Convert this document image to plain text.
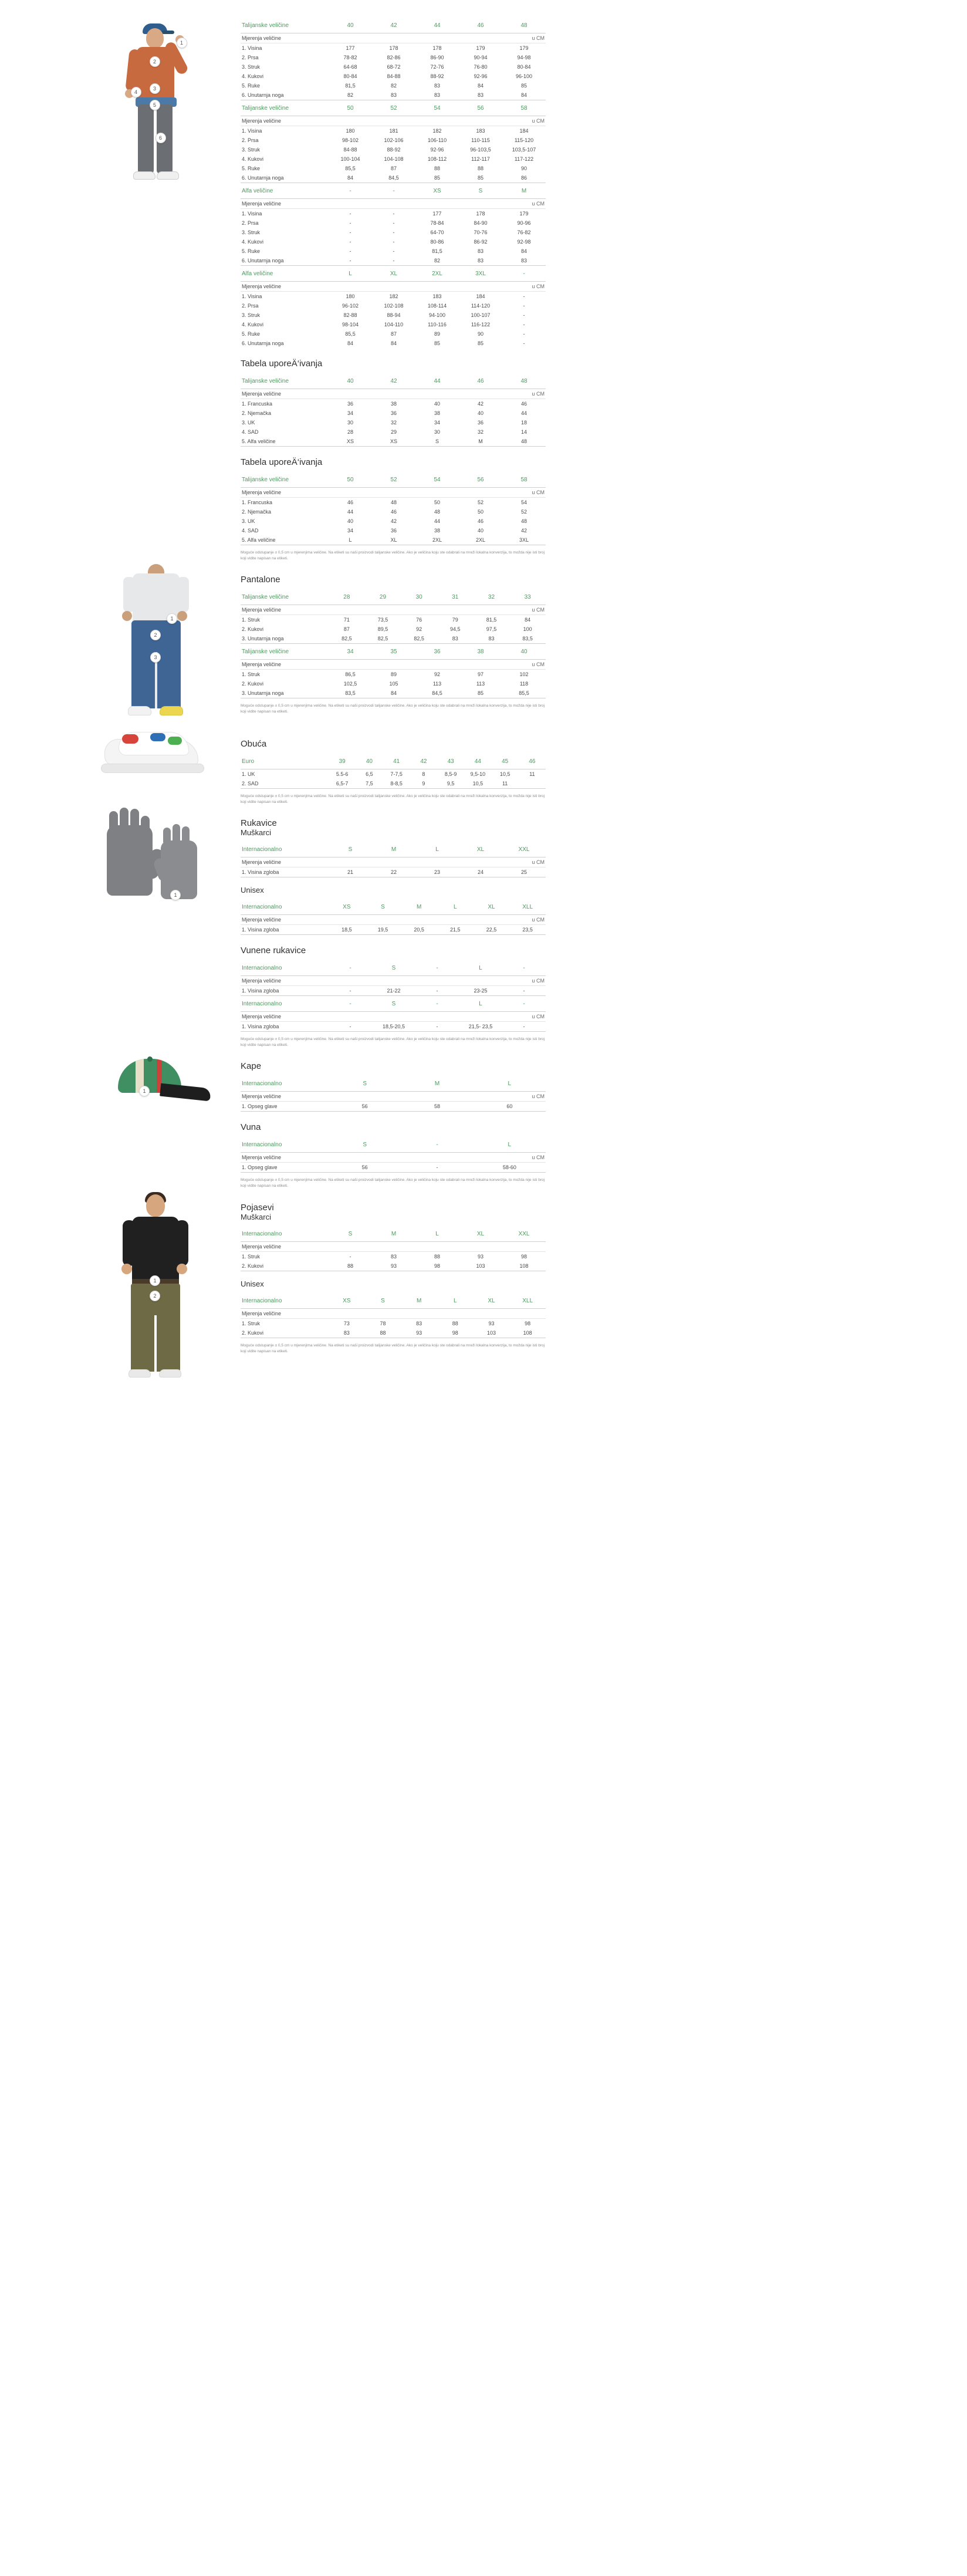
1
2
3
4
5
6
Talijanske veličine	40	42	44	46	48
Mjerenja veličine					u CM
1. Visina	177	178	178	179	179
2. Prsa	78-82	82-86	86-90	90-94	94-98
3. Struk	64-68	68-72	72-76	76-80	80-84
4. Kukovi	80-84	84-88	88-92	92-96	96-100
5. Ruke	81,5	82	83	84	85
6. Unutarnja noga	82	83	83	83	84
Talijanske veličine	50	52	54	56	58
Mjerenja veličine					u CM
1. Visina	180	181	182	183	184
2. Prsa	98-102	102-106	106-110	110-115	115-120
3. Struk	84-88	88-92	92-96	96-103,5	103,5-107
4. Kukovi	100-104	104-108	108-112	112-117	117-122
5. Ruke	85,5	87	88	88	90
6. Unutarnja noga	84	84,5	85	85	86
Alfa veličine	-	-	XS	S	M
Mjerenja veličine					u CM
1. Visina	-	-	177	178	179
2. Prsa	-	-	78-84	84-90	90-96
3. Struk	-	-	64-70	70-76	76-82
4. Kukovi	-	-	80-86	86-92	92-98
5. Ruke	-	-	81,5	83	84
6. Unutarnja noga	-	-	82	83	83
Alfa veličine	L	XL	2XL	3XL	-
Mjerenja veličine					u CM
1. Visina	180	182	183	184	-
2. Prsa	96-102	102-108	108-114	114-120	-
3. Struk	82-88	88-94	94-100	100-107	-
4. Kukovi	98-104	104-110	110-116	116-122	-
5. Ruke	85,5	87	89	90	-
6. Unutarnja noga	84	84	85	85	-
Tabela uporeÄ‘ivanja
Talijanske veličine	40	42	44	46	48
Mjerenja veličine					u CM
1. Francuska	36	38	40	42	46
2. Njemačka	34	36	38	40	44
3. UK	30	32	34	36	18
4. SAD	28	29	30	32	14
5. Alfa veličine	XS	XS	S	M	48
Tabela uporeÄ‘ivanja
Talijanske veličine	50	52	54	56	58
Mjerenja veličine					u CM
1. Francuska	46	48	50	52	54
2. Njemačka	44	46	48	50	52
3. UK	40	42	44	46	48
4. SAD	34	36	38	40	42
5. Alfa veličine	L	XL	2XL	2XL	3XL

Moguće odstupanje ± 0,5 cm u mjerenjima veličine. Na etiketi su naši proizvodi talijanske veličine. Ako je veličina koju ste odabrali na mreži lokalna konverzija, to možda nije isti broj koji vidite napisan na etiketi.

1
2
3
Pantalone
Talijanske veličine	28	29	30	31	32	33
Mjerenja veličine						u CM
1. Struk	71	73,5	76	79	81,5	84
2. Kukovi	87	89,5	92	94,5	97,5	100
3. Unutarnja noga	82,5	82,5	82,5	83	83	83,5
Talijanske veličine	34	35	36	38	40
Mjerenja veličine					u CM
1. Struk	86,5	89	92	97	102
2. Kukovi	102,5	105	113	113	118
3. Unutarnja noga	83,5	84	84,5	85	85,5

Moguće odstupanje ± 0,5 cm u mjerenjima veličine. Na etiketi su naši proizvodi talijanske veličine. Ako je veličina koju ste odabrali na mreži lokalna konverzija, to možda nije isti broj koji vidite napisan na etiketi.

Obuća
Euro	39	40	41	42	43	44	45	46
1. UK	5.5-6	6,5	7-7,5	8	8,5-9	9,5-10	10,5	11
2. SAD	6,5-7	7,5	8-8,5	9	9,5	10,5	11	

Moguće odstupanje ± 0,5 cm u mjerenjima veličine. Na etiketi su naši proizvodi talijanske veličine. Ako je veličina koju ste odabrali na mreži lokalna konverzija, to možda nije isti broj koji vidite napisan na etiketi.

1
Rukavice
Muškarci
Internacionalno	S	M	L	XL	XXL
Mjerenja veličine					u CM
1. Visina zgloba	21	22	23	24	25
Unisex
Internacionalno	XS	S	M	L	XL	XLL
Mjerenja veličine						u CM
1. Visina zgloba	18,5	19,5	20,5	21,5	22,5	23,5
Vunene rukavice
Internacionalno	-	S	-	L	-
Mjerenja veličine					u CM
1. Visina zgloba	-	21-22	-	23-25	-
Internacionalno	-	S	-	L	-
Mjerenja veličine					u CM
1. Visina zgloba	-	18,5-20,5	-	21,5- 23,5	-

Moguće odstupanje ± 0,5 cm u mjerenjima veličine. Na etiketi su naši proizvodi talijanske veličine. Ako je veličina koju ste odabrali na mreži lokalna konverzija, to možda nije isti broj koji vidite napisan na etiketi.

1
Kape
Internacionalno	S	M	L
Mjerenja veličine			u CM
1. Opseg glave	56	58	60
Vuna
Internacionalno	S	-	L
Mjerenja veličine			u CM
1. Opseg glave	56	-	58-60

Moguće odstupanje ± 0,5 cm u mjerenjima veličine. Na etiketi su naši proizvodi talijanske veličine. Ako je veličina koju ste odabrali na mreži lokalna konverzija, to možda nije isti broj koji vidite napisan na etiketi.

1
2
Pojasevi
Muškarci
Internacionalno	S	M	L	XL	XXL
Mjerenja veličine					
1. Struk	-	83	88	93	98
2. Kukovi	88	93	98	103	108
Unisex
Internacionalno	XS	S	M	L	XL	XLL
Mjerenja veličine						
1. Struk	73	78	83	88	93	98
2. Kukovi	83	88	93	98	103	108

Moguće odstupanje ± 0,5 cm u mjerenjima veličine. Na etiketi su naši proizvodi talijanske veličine. Ako je veličina koju ste odabrali na mreži lokalna konverzija, to možda nije isti broj koji vidite napisan na etiketi.
